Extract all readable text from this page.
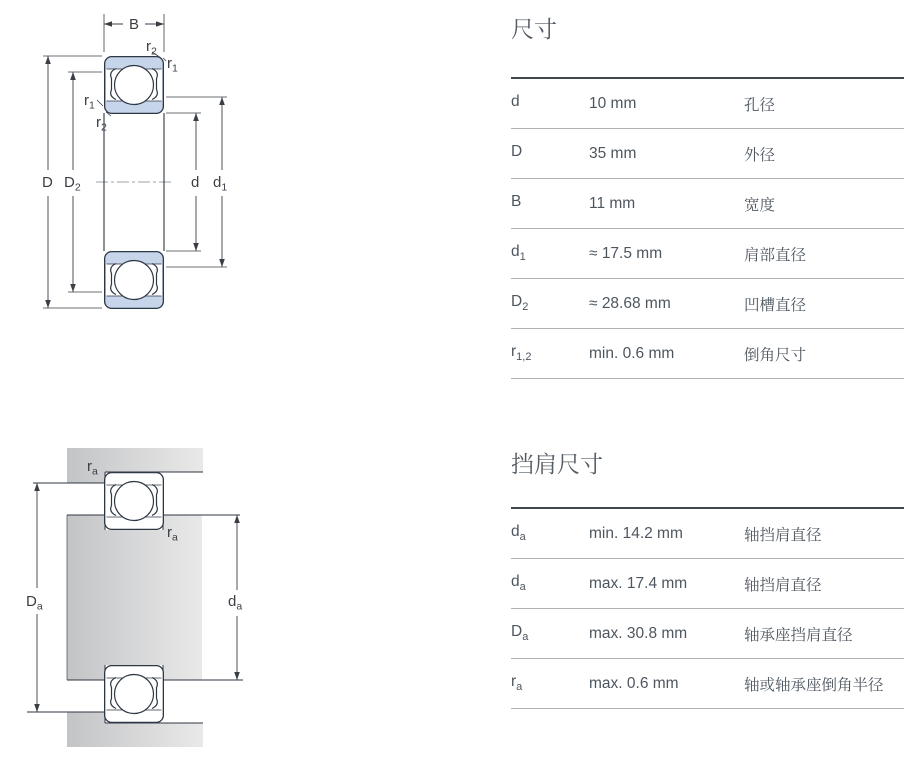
B
$r_2$
$r_1$
$r_1$
$r_2$
D $D_2$	d $d_1$
$r_a$
$r_a$
$D_a$	$d_a$
尺寸
d	10 mm	孔径
D	35 mm	外径
B	11 mm	宽度
$d_1$	≈ 17.5 mm	肩部直径
$D_2$	≈ 28.68 mm	凹槽直径
$r_{1,2}$	min. 0.6 mm	倒角尺寸
挡肩尺寸
$d_a$	min. 14.2 mm	轴挡肩直径
$d_a$	max. 17.4 mm	轴挡肩直径
$D_a$	max. 30.8 mm	轴承座挡肩直径
$r_a$	max. 0.6 mm	轴或轴承座倒角半径
